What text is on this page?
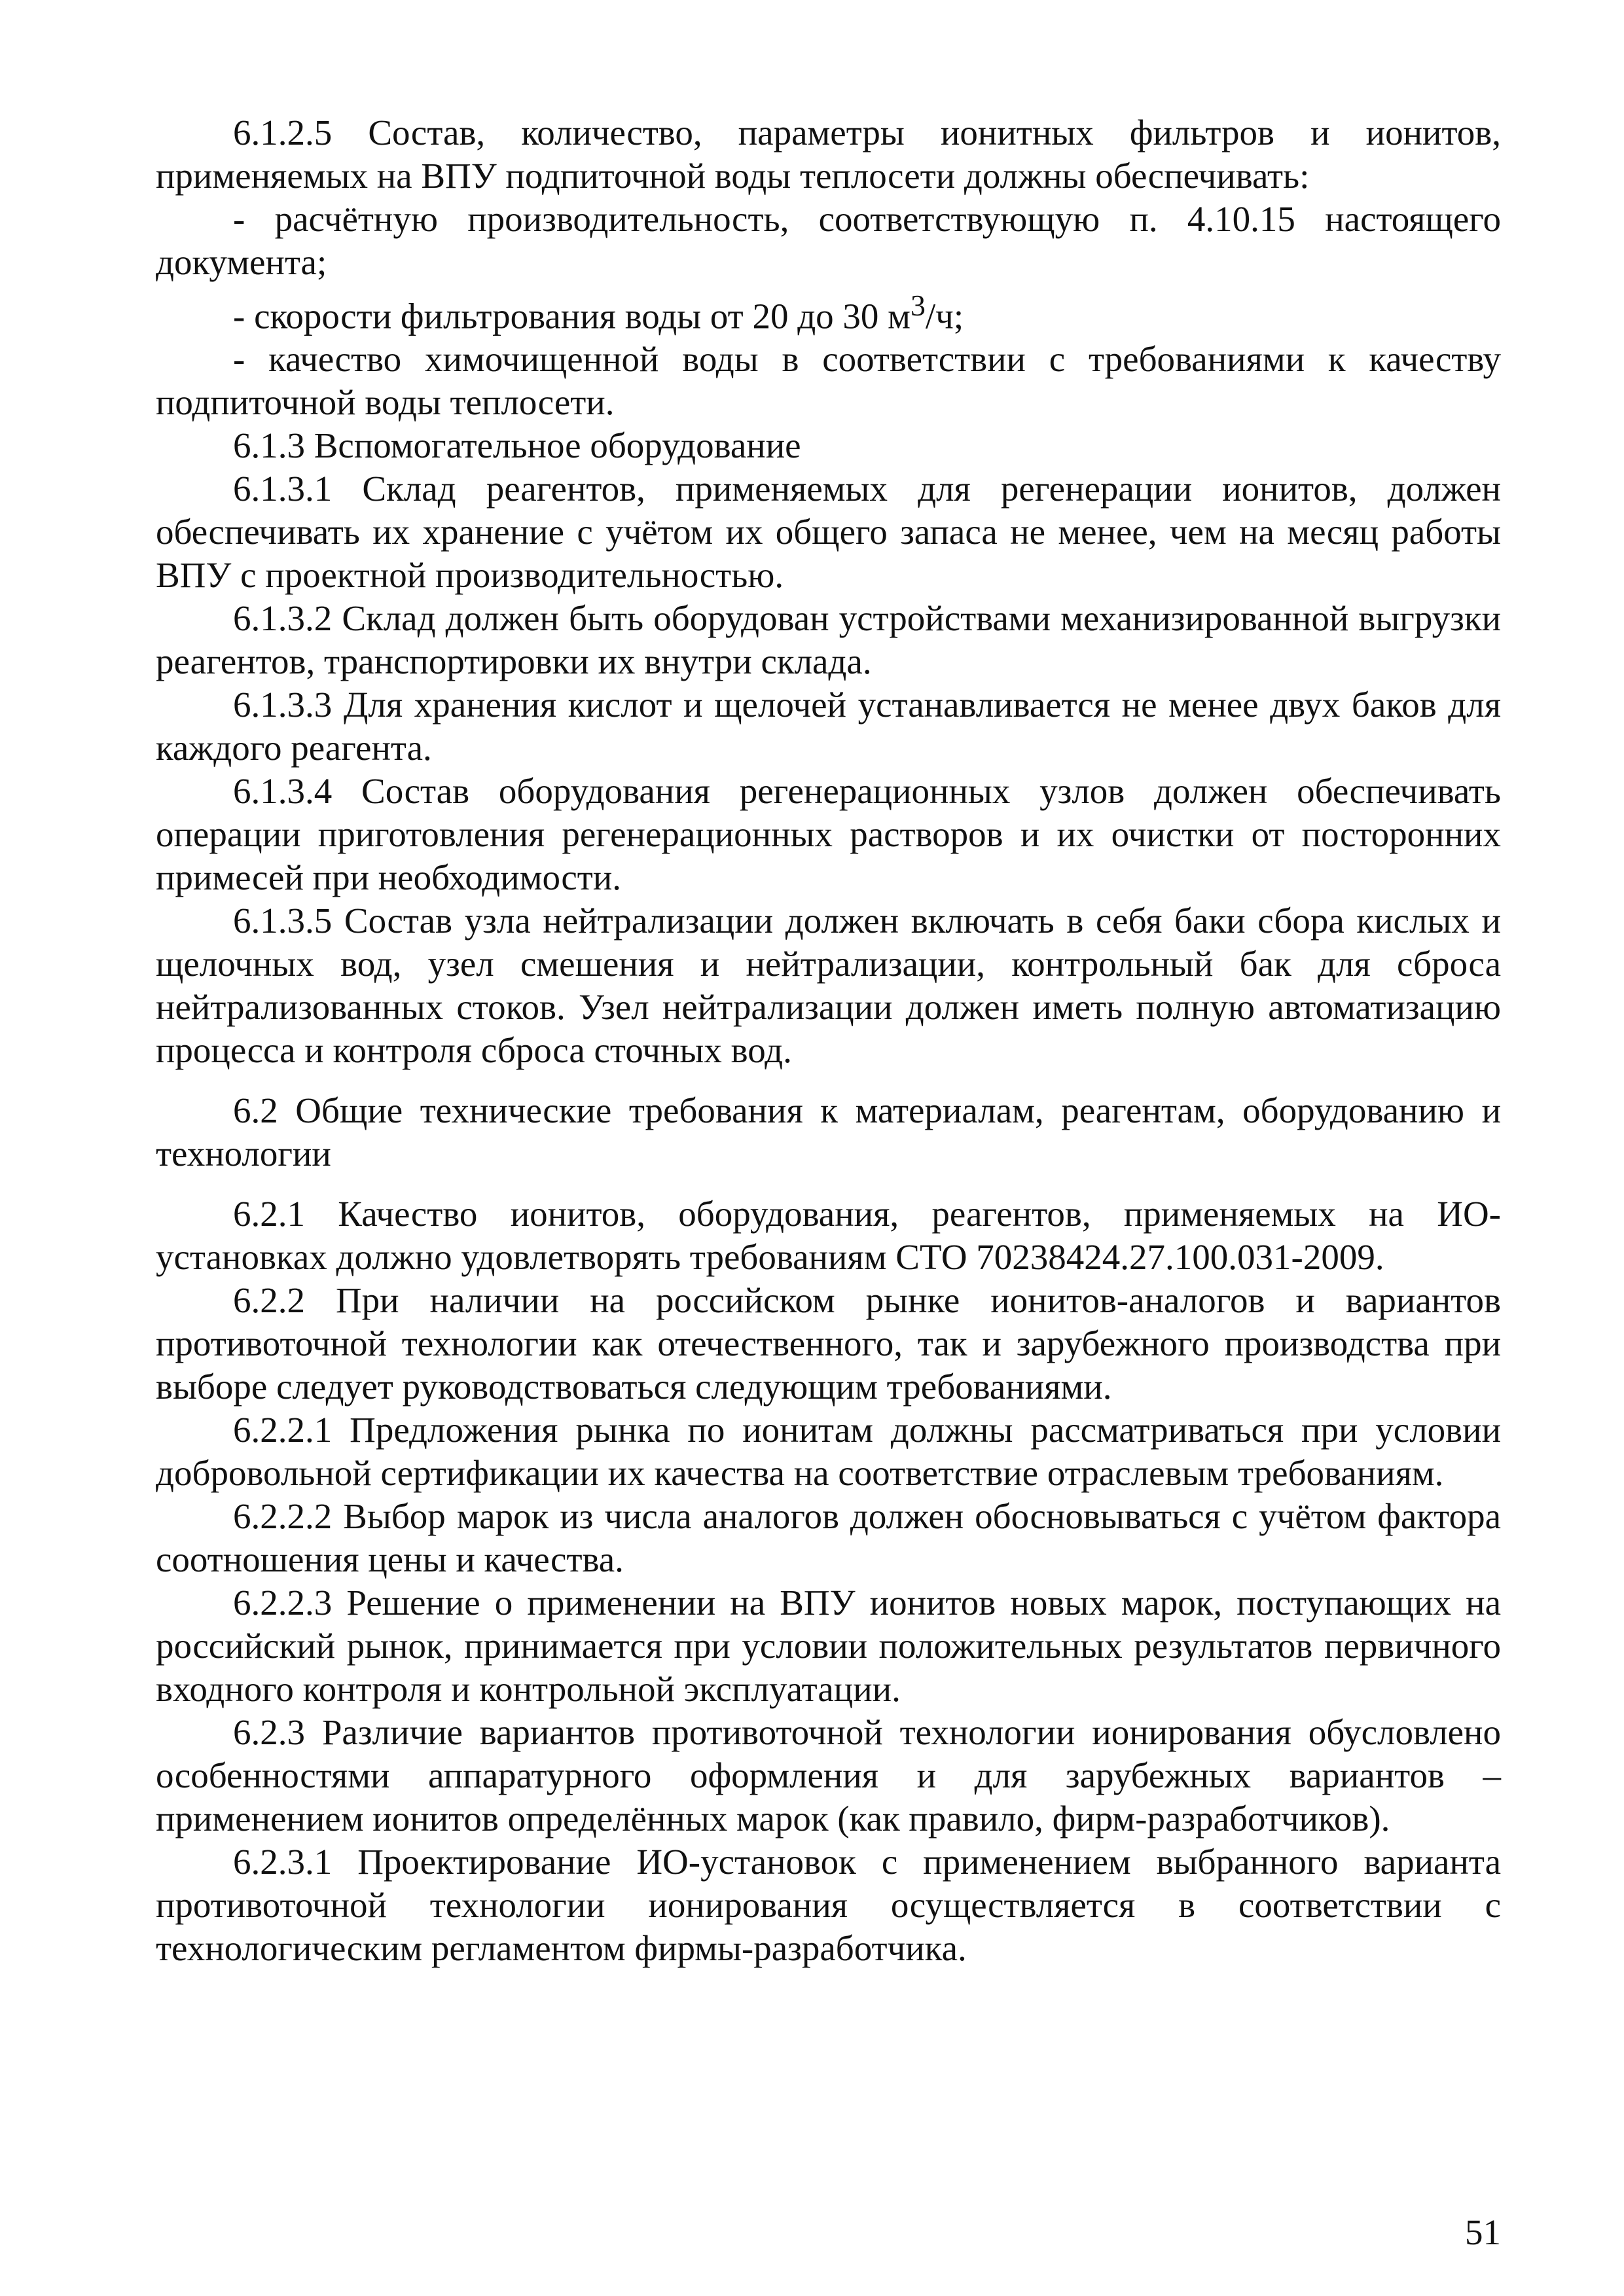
6.1.2.5 Состав, количество, параметры ионитных фильтров и ионитов, применяемых на ВПУ подпиточной воды теплосети должны обеспечивать:

- расчётную производительность, соответствующую п. 4.10.15 настоящего документа;

- скорости фильтрования воды от 20 до 30 $м^3/ч$;

- качество химочищенной воды в соответствии с требованиями к качеству подпиточной воды теплосети.

6.1.3 Вспомогательное оборудование

6.1.3.1 Склад реагентов, применяемых для регенерации ионитов, должен обеспечивать их хранение с учётом их общего запаса не менее, чем на месяц работы ВПУ с проектной производительностью.

6.1.3.2 Склад должен быть оборудован устройствами механизированной выгрузки реагентов, транспортировки их внутри склада.

6.1.3.3 Для хранения кислот и щелочей устанавливается не менее двух баков для каждого реагента.

6.1.3.4 Состав оборудования регенерационных узлов должен обеспечивать операции приготовления регенерационных растворов и их очистки от посторонних примесей при необходимости.

6.1.3.5 Состав узла нейтрализации должен включать в себя баки сбора кислых и щелочных вод, узел смешения и нейтрализации, контрольный бак для сброса нейтрализованных стоков. Узел нейтрализации должен иметь полную автоматизацию процесса и контроля сброса сточных вод.

6.2 Общие технические требования к материалам, реагентам, оборудованию и технологии

6.2.1 Качество ионитов, оборудования, реагентов, применяемых на ИО-установках должно удовлетворять требованиям СТО 70238424.27.100.031-2009.

6.2.2 При наличии на российском рынке ионитов-аналогов и вариантов противоточной технологии как отечественного, так и зарубежного производства при выборе следует руководствоваться следующим требованиями.

6.2.2.1 Предложения рынка по ионитам должны рассматриваться при условии добровольной сертификации их качества на соответствие отраслевым требованиям.

6.2.2.2 Выбор марок из числа аналогов должен обосновываться с учётом фактора соотношения цены и качества.

6.2.2.3 Решение о применении на ВПУ ионитов новых марок, поступающих на российский рынок, принимается при условии положительных результатов первичного входного контроля и контрольной эксплуатации.

6.2.3 Различие вариантов противоточной технологии ионирования обусловлено особенностями аппаратурного оформления и для зарубежных вариантов – применением ионитов определённых марок (как правило, фирм-разработчиков).

6.2.3.1 Проектирование ИО-установок с применением выбранного варианта противоточной технологии ионирования осуществляется в соответствии с технологическим регламентом фирмы-разработчика.

51
